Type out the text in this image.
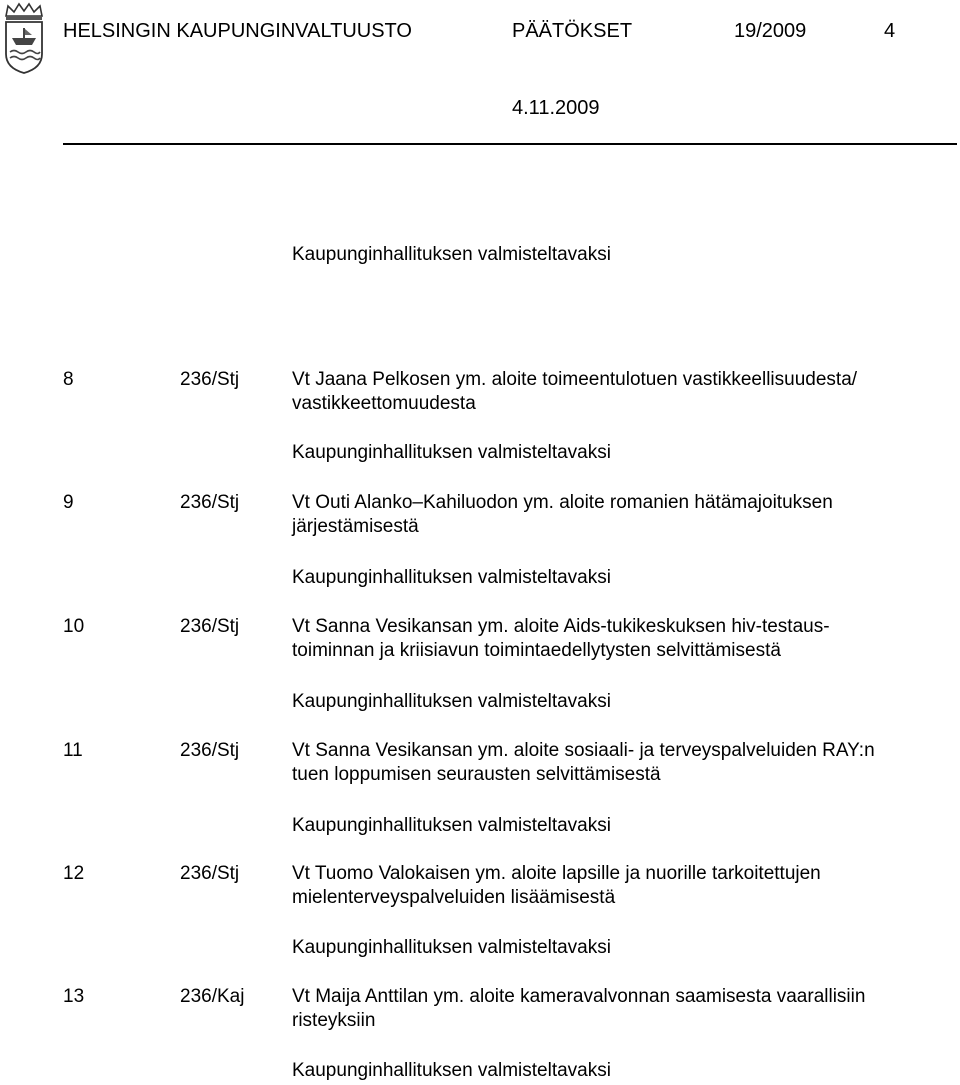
HELSINGIN KAUPUNGINVALTUUSTO	PÄÄTÖKSET	19/2009	4
4.11.2009
Kaupunginhallituksen valmisteltavaksi
8	236/Stj	Vt Jaana Pelkosen ym. aloite toimeentulotuen vastikkeellisuudesta/
vastikkeettomuudesta
Kaupunginhallituksen valmisteltavaksi
9	236/Stj	Vt Outi Alanko–Kahiluodon ym. aloite romanien hätämajoituksen
järjestämisestä
Kaupunginhallituksen valmisteltavaksi
10	236/Stj	Vt Sanna Vesikansan ym. aloite Aids-tukikeskuksen hiv-testaus-
toiminnan ja kriisiavun toimintaedellytysten selvittämisestä
Kaupunginhallituksen valmisteltavaksi
11	236/Stj	Vt Sanna Vesikansan ym. aloite sosiaali- ja terveyspalveluiden RAY:n
tuen loppumisen seurausten selvittämisestä
Kaupunginhallituksen valmisteltavaksi
12	236/Stj	Vt Tuomo Valokaisen ym. aloite lapsille ja nuorille tarkoitettujen
mielenterveyspalveluiden lisäämisestä
Kaupunginhallituksen valmisteltavaksi
13	236/Kaj	Vt Maija Anttilan ym. aloite kameravalvonnan saamisesta vaarallisiin
risteyksiin
Kaupunginhallituksen valmisteltavaksi
